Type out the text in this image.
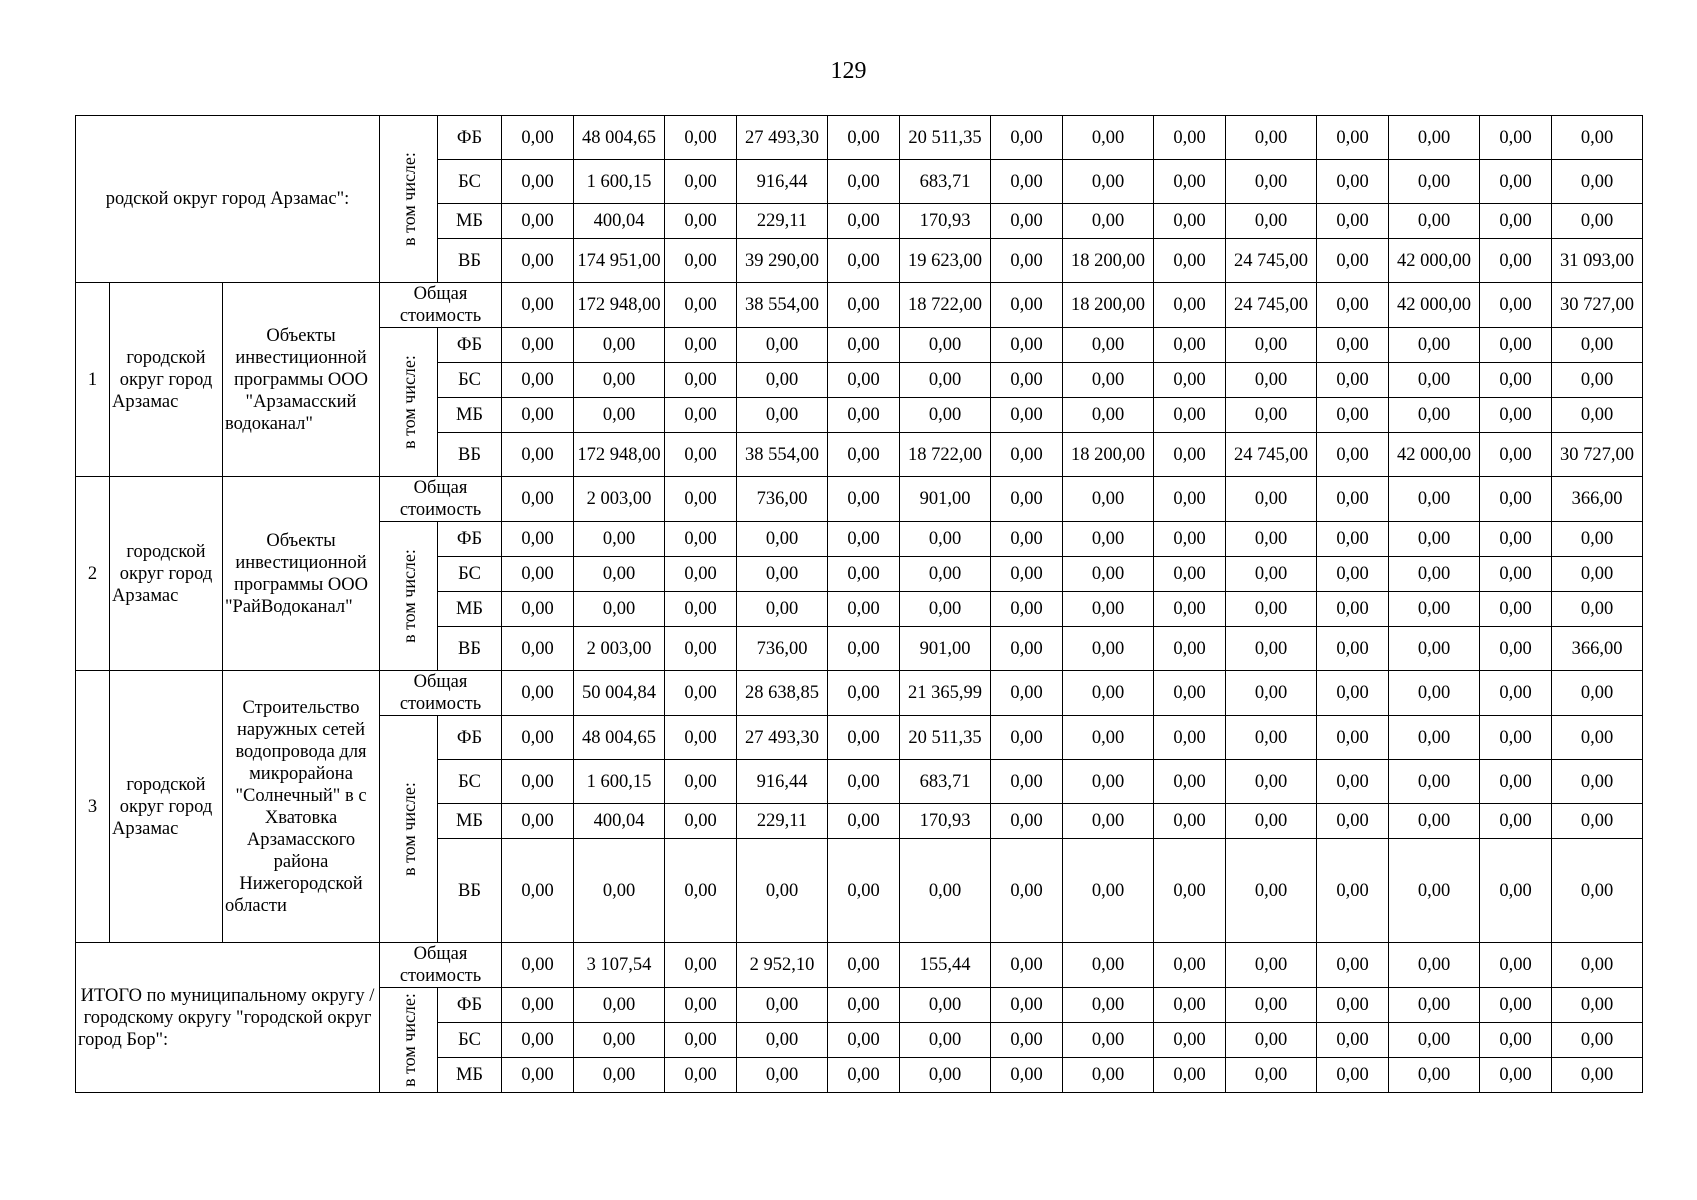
129
родской округ город Арзамас":			в том числе:	ФБ	0,00	48 004,65	0,00	27 493,30	0,00	20 511,35	0,00	0,00	0,00	0,00	0,00	0,00	0,00	0,00
				БС	0,00	1 600,15	0,00	916,44	0,00	683,71	0,00	0,00	0,00	0,00	0,00	0,00	0,00	0,00
				МБ	0,00	400,04	0,00	229,11	0,00	170,93	0,00	0,00	0,00	0,00	0,00	0,00	0,00	0,00
				ВБ	0,00	174 951,00	0,00	39 290,00	0,00	19 623,00	0,00	18 200,00	0,00	24 745,00	0,00	42 000,00	0,00	31 093,00
1	городской округ город Арзамас	Объекты инвестиционной программы ООО "Арзамасский водоканал"	Общая стоимость		0,00	172 948,00	0,00	38 554,00	0,00	18 722,00	0,00	18 200,00	0,00	24 745,00	0,00	42 000,00	0,00	30 727,00

			в том числе:	ФБ	0,00	0,00	0,00	0,00	0,00	0,00	0,00	0,00	0,00	0,00	0,00	0,00	0,00	0,00
				БС	0,00	0,00	0,00	0,00	0,00	0,00	0,00	0,00	0,00	0,00	0,00	0,00	0,00	0,00
				МБ	0,00	0,00	0,00	0,00	0,00	0,00	0,00	0,00	0,00	0,00	0,00	0,00	0,00	0,00
				ВБ	0,00	172 948,00	0,00	38 554,00	0,00	18 722,00	0,00	18 200,00	0,00	24 745,00	0,00	42 000,00	0,00	30 727,00
2	городской округ город Арзамас	Объекты инвестиционной программы ООО "РайВодоканал"	Общая стоимость		0,00	2 003,00	0,00	736,00	0,00	901,00	0,00	0,00	0,00	0,00	0,00	0,00	0,00	366,00

			в том числе:	ФБ	0,00	0,00	0,00	0,00	0,00	0,00	0,00	0,00	0,00	0,00	0,00	0,00	0,00	0,00
				БС	0,00	0,00	0,00	0,00	0,00	0,00	0,00	0,00	0,00	0,00	0,00	0,00	0,00	0,00
				МБ	0,00	0,00	0,00	0,00	0,00	0,00	0,00	0,00	0,00	0,00	0,00	0,00	0,00	0,00
				ВБ	0,00	2 003,00	0,00	736,00	0,00	901,00	0,00	0,00	0,00	0,00	0,00	0,00	0,00	366,00
3	городской округ город Арзамас	Строительство наружных сетей водопровода для микрорайона "Солнечный" в с Хватовка Арзамасского района Нижегородской области	Общая стоимость		0,00	50 004,84	0,00	28 638,85	0,00	21 365,99	0,00	0,00	0,00	0,00	0,00	0,00	0,00	0,00

			в том числе:	ФБ	0,00	48 004,65	0,00	27 493,30	0,00	20 511,35	0,00	0,00	0,00	0,00	0,00	0,00	0,00	0,00
				БС	0,00	1 600,15	0,00	916,44	0,00	683,71	0,00	0,00	0,00	0,00	0,00	0,00	0,00	0,00
				МБ	0,00	400,04	0,00	229,11	0,00	170,93	0,00	0,00	0,00	0,00	0,00	0,00	0,00	0,00
				ВБ	0,00	0,00	0,00	0,00	0,00	0,00	0,00	0,00	0,00	0,00	0,00	0,00	0,00	0,00
ИТОГО по муниципальному округу / городскому округу "городской округ город Бор":			Общая стоимость		0,00	3 107,54	0,00	2 952,10	0,00	155,44	0,00	0,00	0,00	0,00	0,00	0,00	0,00	0,00

			в том числе:	ФБ	0,00	0,00	0,00	0,00	0,00	0,00	0,00	0,00	0,00	0,00	0,00	0,00	0,00	0,00
				БС	0,00	0,00	0,00	0,00	0,00	0,00	0,00	0,00	0,00	0,00	0,00	0,00	0,00	0,00
				МБ	0,00	0,00	0,00	0,00	0,00	0,00	0,00	0,00	0,00	0,00	0,00	0,00	0,00	0,00
